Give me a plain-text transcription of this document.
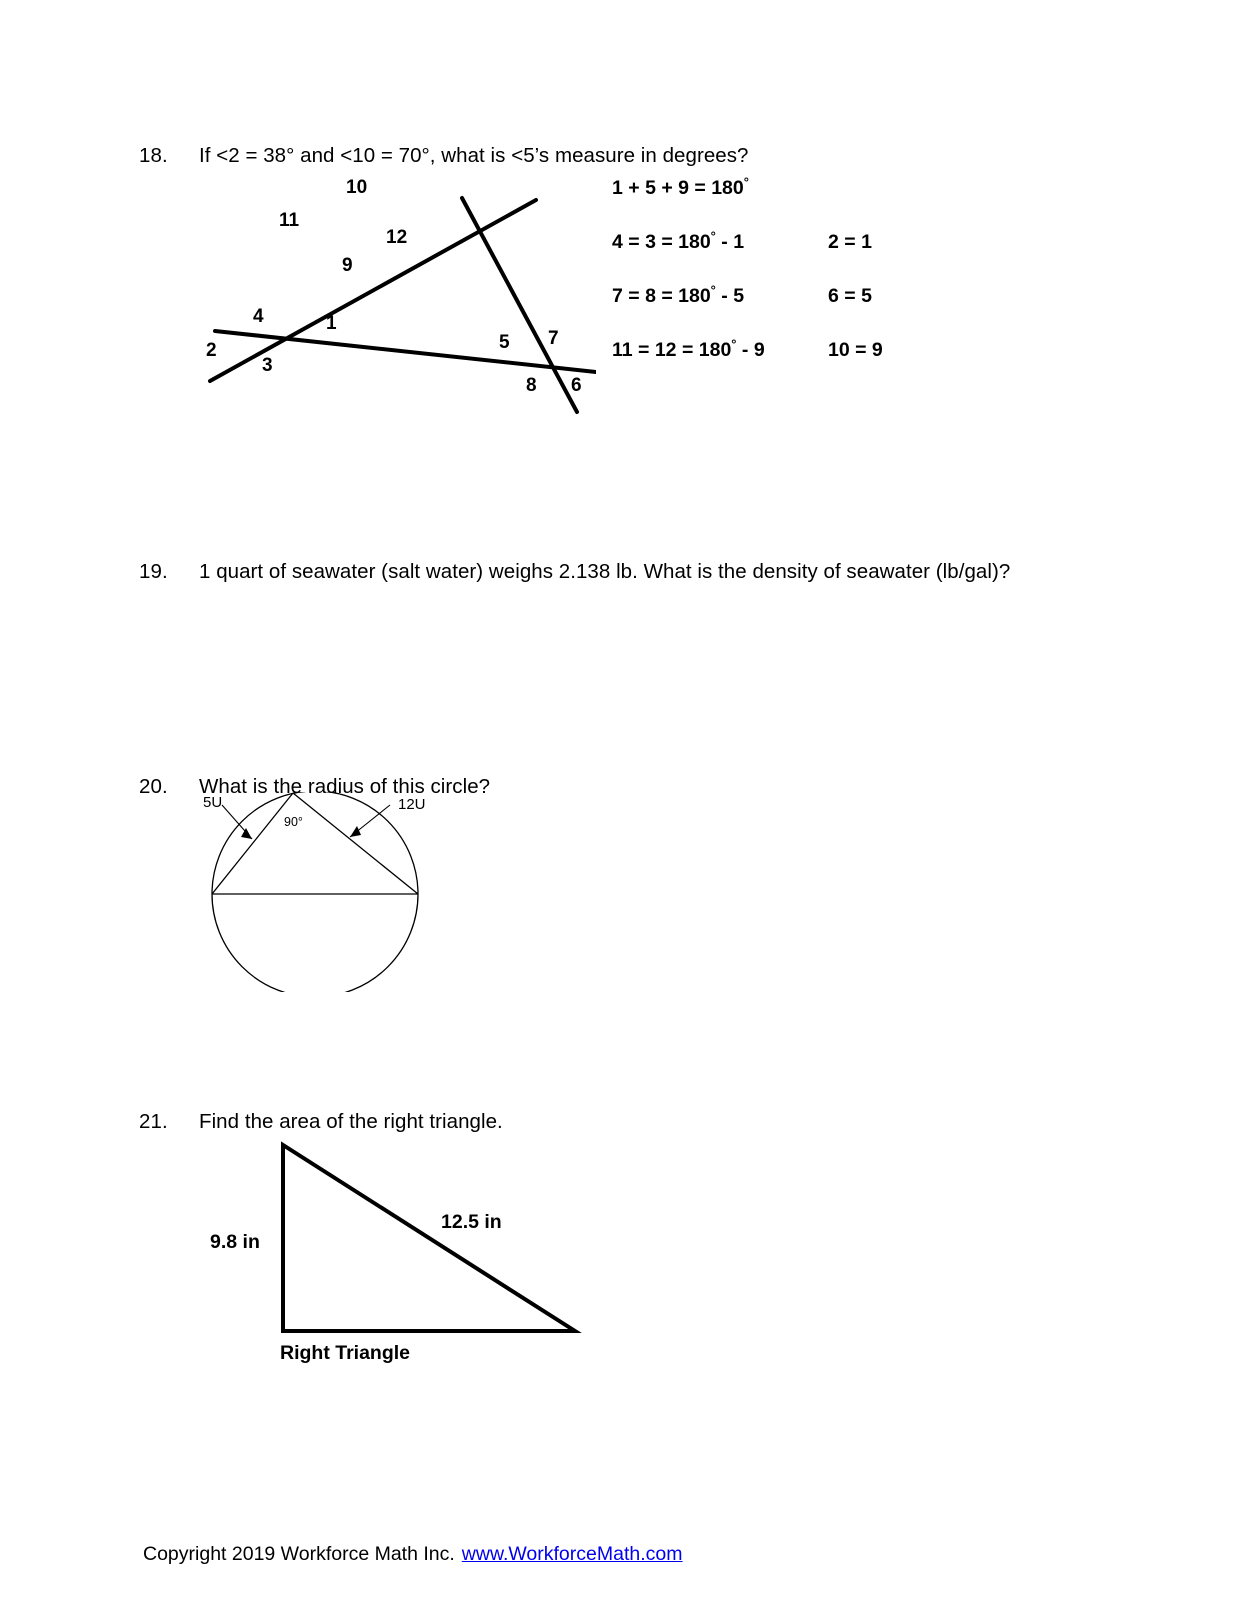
18.	If <2 = 38° and <10 = 70°, what is <5’s measure in degrees?
10
11
12
9
4	1
2
3
5 7
8 6
1 + 5 + 9 = 180°
4 = 3 = 180° - 1	2 = 1
7 = 8 = 180° - 5	6 = 5
11 = 12 = 180° - 9	10 = 9
19.	1 quart of seawater (salt water) weighs 2.138 lb. What is the density of seawater (lb/gal)?
20.	What is the radius of this circle?
5U	12U
90°
21.	Find the area of the right triangle.
9.8 in
12.5 in
Right Triangle
Copyright 2019 Workforce Math Inc. www.WorkforceMath.com
